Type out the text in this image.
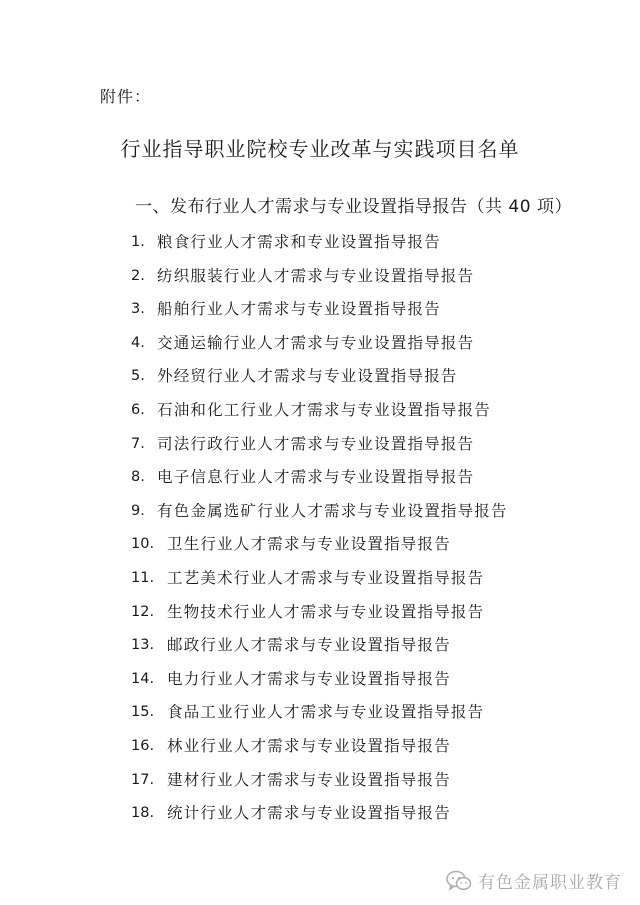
附件：
行业指导职业院校专业改革与实践项目名单
一、发布行业人才需求与专业设置指导报告（共 40 项）
1. 粮食行业人才需求和专业设置指导报告
2. 纺织服装行业人才需求与专业设置指导报告
3. 船舶行业人才需求与专业设置指导报告
4. 交通运输行业人才需求与专业设置指导报告
5. 外经贸行业人才需求与专业设置指导报告
6. 石油和化工行业人才需求与专业设置指导报告
7. 司法行政行业人才需求与专业设置指导报告
8. 电子信息行业人才需求与专业设置指导报告
9. 有色金属选矿行业人才需求与专业设置指导报告
10. 卫生行业人才需求与专业设置指导报告
11. 工艺美术行业人才需求与专业设置指导报告
12. 生物技术行业人才需求与专业设置指导报告
13. 邮政行业人才需求与专业设置指导报告
14. 电力行业人才需求与专业设置指导报告
15. 食品工业行业人才需求与专业设置指导报告
16. 林业行业人才需求与专业设置指导报告
17. 建材行业人才需求与专业设置指导报告
18. 统计行业人才需求与专业设置指导报告
有色金属职业教育
